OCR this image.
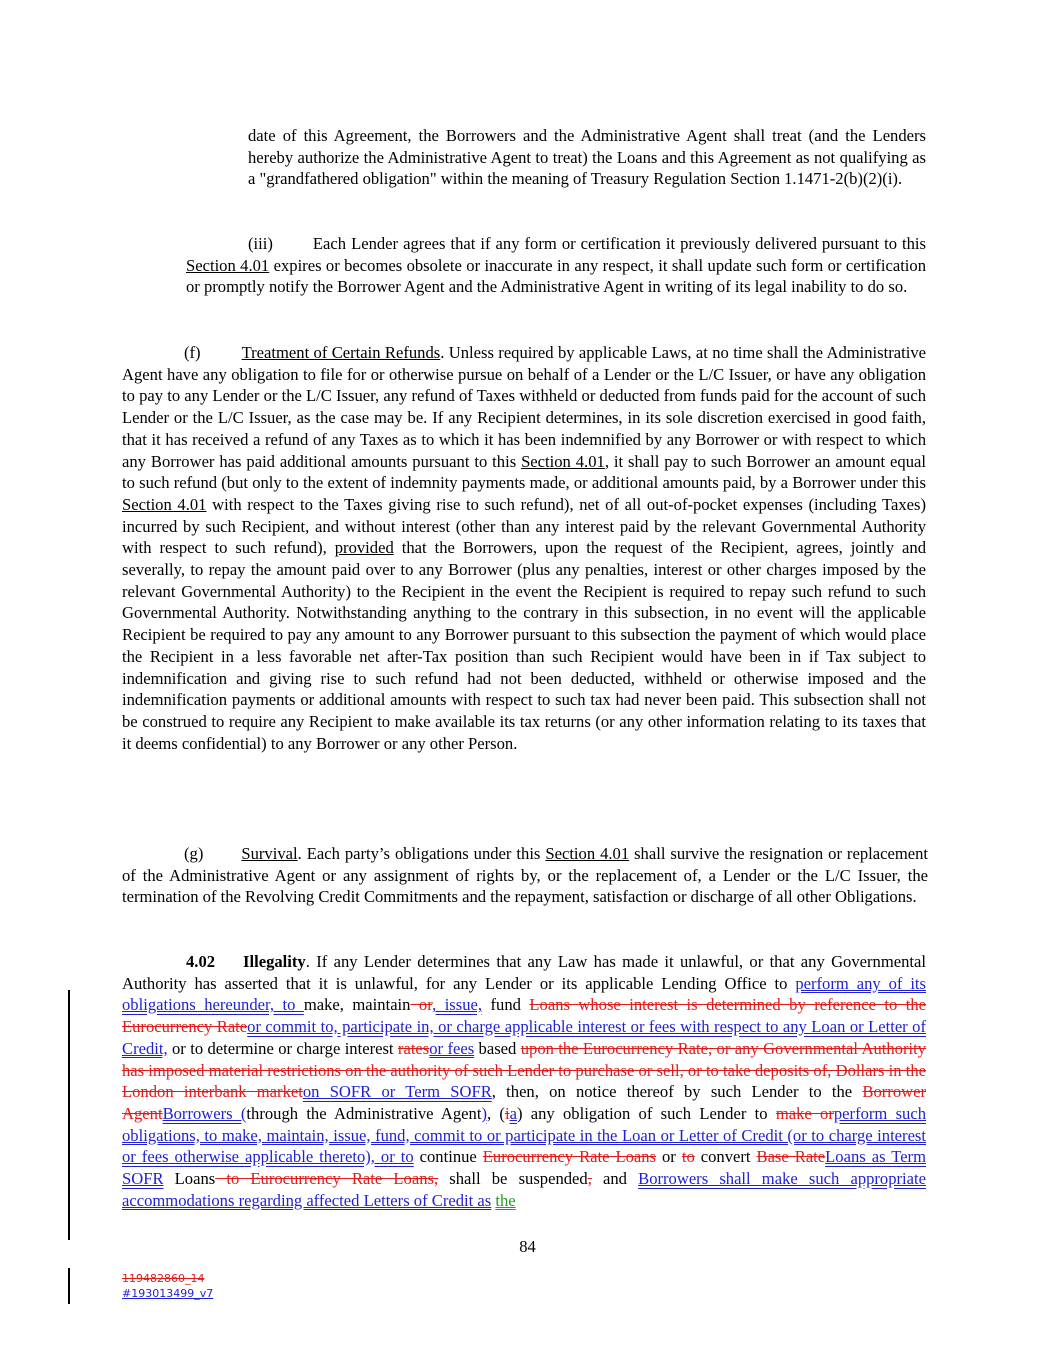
date of this Agreement, the Borrowers and the Administrative Agent shall treat (and the Lenders hereby authorize the Administrative Agent to treat) the Loans and this Agreement as not qualifying as a "grandfathered obligation" within the meaning of Treasury Regulation Section 1.1471-2(b)(2)(i).

(iii) Each Lender agrees that if any form or certification it previously delivered pursuant to this Section 4.01 expires or becomes obsolete or inaccurate in any respect, it shall update such form or certification or promptly notify the Borrower Agent and the Administrative Agent in writing of its legal inability to do so.

(f) Treatment of Certain Refunds. Unless required by applicable Laws, at no time shall the Administrative Agent have any obligation to file for or otherwise pursue on behalf of a Lender or the L/C Issuer, or have any obligation to pay to any Lender or the L/C Issuer, any refund of Taxes withheld or deducted from funds paid for the account of such Lender or the L/C Issuer, as the case may be. If any Recipient determines, in its sole discretion exercised in good faith, that it has received a refund of any Taxes as to which it has been indemnified by any Borrower or with respect to which any Borrower has paid additional amounts pursuant to this Section 4.01, it shall pay to such Borrower an amount equal to such refund (but only to the extent of indemnity payments made, or additional amounts paid, by a Borrower under this Section 4.01 with respect to the Taxes giving rise to such refund), net of all out-of-pocket expenses (including Taxes) incurred by such Recipient, and without interest (other than any interest paid by the relevant Governmental Authority with respect to such refund), provided that the Borrowers, upon the request of the Recipient, agrees, jointly and severally, to repay the amount paid over to any Borrower (plus any penalties, interest or other charges imposed by the relevant Governmental Authority) to the Recipient in the event the Recipient is required to repay such refund to such Governmental Authority. Notwithstanding anything to the contrary in this subsection, in no event will the applicable Recipient be required to pay any amount to any Borrower pursuant to this subsection the payment of which would place the Recipient in a less favorable net after-Tax position than such Recipient would have been in if Tax subject to indemnification and giving rise to such refund had not been deducted, withheld or otherwise imposed and the indemnification payments or additional amounts with respect to such tax had never been paid. This subsection shall not be construed to require any Recipient to make available its tax returns (or any other information relating to its taxes that it deems confidential) to any Borrower or any other Person.

(g) Survival. Each party’s obligations under this Section 4.01 shall survive the resignation or replacement of the Administrative Agent or any assignment of rights by, or the replacement of, a Lender or the L/C Issuer, the termination of the Revolving Credit Commitments and the repayment, satisfaction or discharge of all other Obligations.

4.02 Illegality. If any Lender determines that any Law has made it unlawful, or that any Governmental Authority has asserted that it is unlawful, for any Lender or its applicable Lending Office to perform any of its obligations hereunder, to make, maintain or, issue, fund Loans whose interest is determined by reference to the Eurocurrency Rateor commit to, participate in, or charge applicable interest or fees with respect to any Loan or Letter of Credit, or to determine or charge interest ratesor fees based upon the Eurocurrency Rate, or any Governmental Authority has imposed material restrictions on the authority of such Lender to purchase or sell, or to take deposits of, Dollars in the London interbank marketon SOFR or Term SOFR, then, on notice thereof by such Lender to the Borrower AgentBorrowers (through the Administrative Agent), (ia) any obligation of such Lender to make orperform such obligations, to make, maintain, issue, fund, commit to or participate in the Loan or Letter of Credit (or to charge interest or fees otherwise applicable thereto), or to continue Eurocurrency Rate Loans or to convert Base RateLoans as Term SOFR Loans to Eurocurrency Rate Loans, shall be suspended, and Borrowers shall make such appropriate accommodations regarding affected Letters of Credit as the

84
119482860_14
#193013499_v7
